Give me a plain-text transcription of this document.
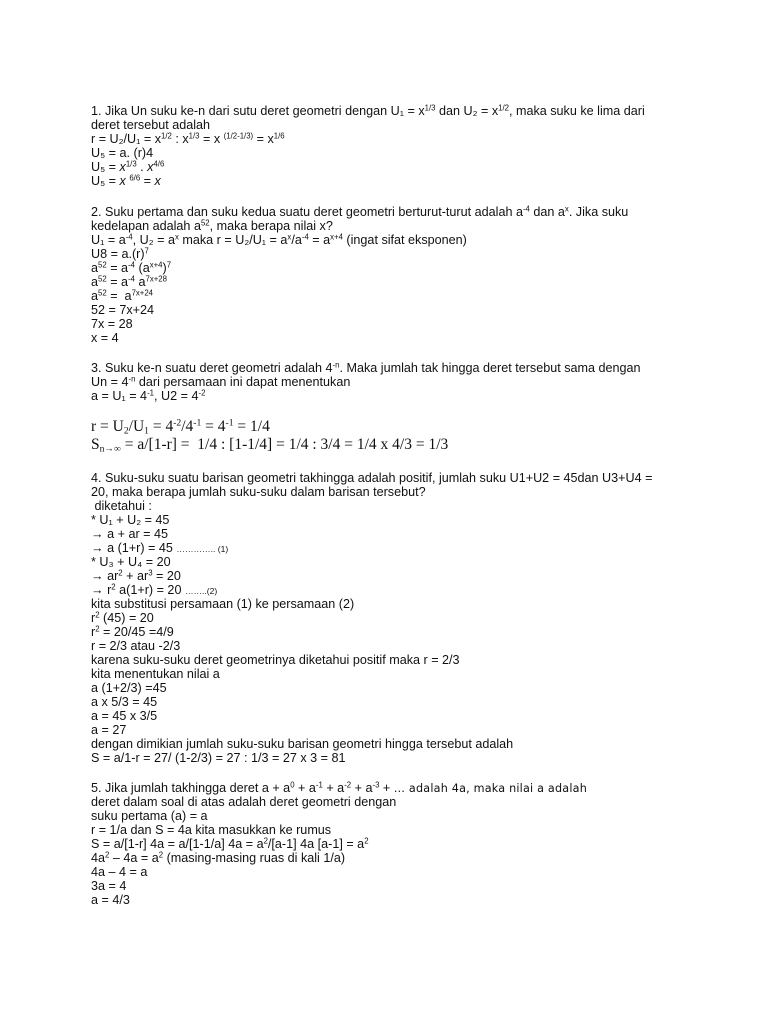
1. Jika Un suku ke-n dari sutu deret geometri dengan $U_1 = x^{1/3}$ dan $U_2 = x^{1/2}$, maka suku ke lima dari
deret tersebut adalah
$r = U_2/U_1 = x^{1/2}$ : $x^{1/3} = x$ $^{(1/2-1/3)} = x^{1/6}$
U₅ = a. (r)4
$U_5 = x^{1/3}$ . $x^{4/6}$
U₅ = x $^{6/6}$ = x
2. Suku pertama dan suku kedua suatu deret geometri berturut-turut adalah $a^{-4}$ dan $a^x$. Jika suku
kedelapan adalah $a^{52}$, maka berapa nilai x?
$U_1 = a^{-4}$, $U_2 = a^x$ maka $r = U_2/U_1 = a^x/a^{-4} = a^{x+4}$ (ingat sifat eksponen)
$U8 = a.(r)^7$
$a^{52} = a^{-4}$ $(a^{x+4})^7$
$a^{52} = a^{-4}$ $a^{7x+28}$
$a^{52} = a^{7x+24}$
52 = 7x+24
7x = 28
x = 4
3. Suku ke-n suatu deret geometri adalah $4^{-n}$. Maka jumlah tak hingga deret tersebut sama dengan
$Un = 4^{-n}$ dari persamaan ini dapat menentukan
$a = U_1 = 4^{-1}$, $U2 = 4^{-2}$
$r = U_2/U_1 = 4^{-2}/4^{-1} = 4^{-1} = 1/4$
$S_{n\to\infty} = a/[1-r] = 1/4$ : [1-1/4] = 1/4 : 3/4 = 1/4 x 4/3 = 1/3
4. Suku-suku suatu barisan geometri takhingga adalah positif, jumlah suku U1+U2 = 45dan U3+U4 =
20, maka berapa jumlah suku-suku dalam barisan tersebut?
diketahui :
* U₁ + U₂ = 45
→ a + ar = 45
→ a (1+r) = 45 ………….. (1)
* U₃ + U₄ = 20
→ $ar^2 + ar^3 = 20$
→ $r^2$ a(1+r) = 20 ……..(2)
kita substitusi persamaan (1) ke persamaan (2)
$r^2$ (45) = 20
$r^2 = 20/45 =4/9$
r = 2/3 atau -2/3
karena suku-suku deret geometrinya diketahui positif maka r = 2/3
kita menentukan nilai a
a (1+2/3) =45
a x 5/3 = 45
a = 45 x 3/5
a = 27
dengan dimikian jumlah suku-suku barisan geometri hingga tersebut adalah
S = a/1-r = 27/ (1-2/3) = 27 : 1/3 = 27 x 3 = 81
5. Jika jumlah takhingga deret $a + a^0 + a^{-1} + a^{-2} + a^{-3}$ + … adalah 4a, maka nilai a adalah
deret dalam soal di atas adalah deret geometri dengan
suku pertama (a) = a
r = 1/a dan S = 4a kita masukkan ke rumus
S = a/[1-r] 4a = a/[1-1/a] $4a = a^2/[a-1]$ 4a $[a-1] = a^2$
$4a^2 - 4a = a^2$ (masing-masing ruas di kali 1/a)
4a – 4 = a
3a = 4
a = 4/3
